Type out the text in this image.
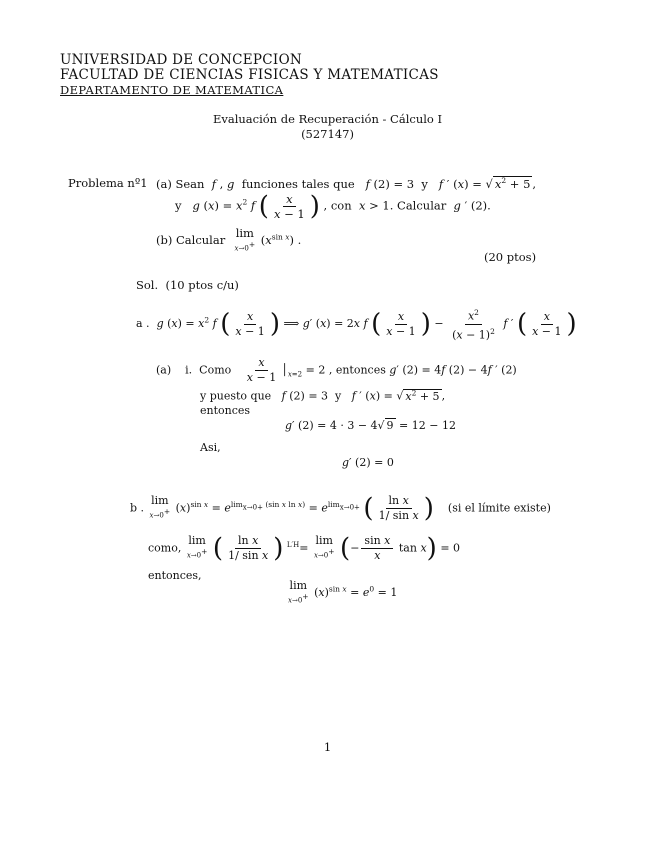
UNIVERSIDAD DE CONCEPCION
FACULTAD DE CIENCIAS FISICAS Y MATEMATICAS
DEPARTAMENTO DE MATEMATICA
Evaluación de Recuperación - Cálculo I
(527147)
Problema nº1 (a) Sean f , g funciones tales que f (2) = 3  y   f ′ (x) = √ $x^2 + 5$ ,
y   g $(x) = x^2$ f ( $\frac{x}{x - 1}$ ) , con x > 1. Calcular g ′ (2).
(b) Calcular
lim
x→0+ $(x^{sin x})$ .
(20 ptos)
Sol. (10 ptos c/u)
a . g $(x) = x^2$ f ( $\frac{x}{x - 1}$ ) ⟹ g′ (x) = 2x f ( $\frac{x}{x - 1}$ ) − $\frac{x^2}{(x - 1)^2}$ f ′ ( $\frac{x}{x - 1}$ )
(a) i. Como $\frac{x}{x - 1}$ $│_{x=2} = 2$ , entonces g′ (2) = 4f (2) − 4f ′ (2)
y puesto que f (2) = 3  y   f ′ (x) = √ $x^2 + 5$ ,
entonces
g′ (2) = 4 · 3 − 4√ 9 = 12 − 12
Asi,
g′ (2) = 0
b .
lim
x→0+ $(x)^{sin x} = e^{lim_{x\to 0+} (sin x ln x)} = e^{lim_{x\to 0+}}$ ( $\frac{\text{ln x}}{\text{1/ sin x}}$ ) (si el límite existe)
como,
lim
x→0+ ( $\frac{\text{ln x}}{\text{1/ sin x}}$ ) $^{L'H}$=
lim
x→0+ (− $\frac{\text{sin x}}{x}$ tan x) = 0
entonces,
lim
x→0+ $(x)^{sin x} = e^0 = 1$
1
